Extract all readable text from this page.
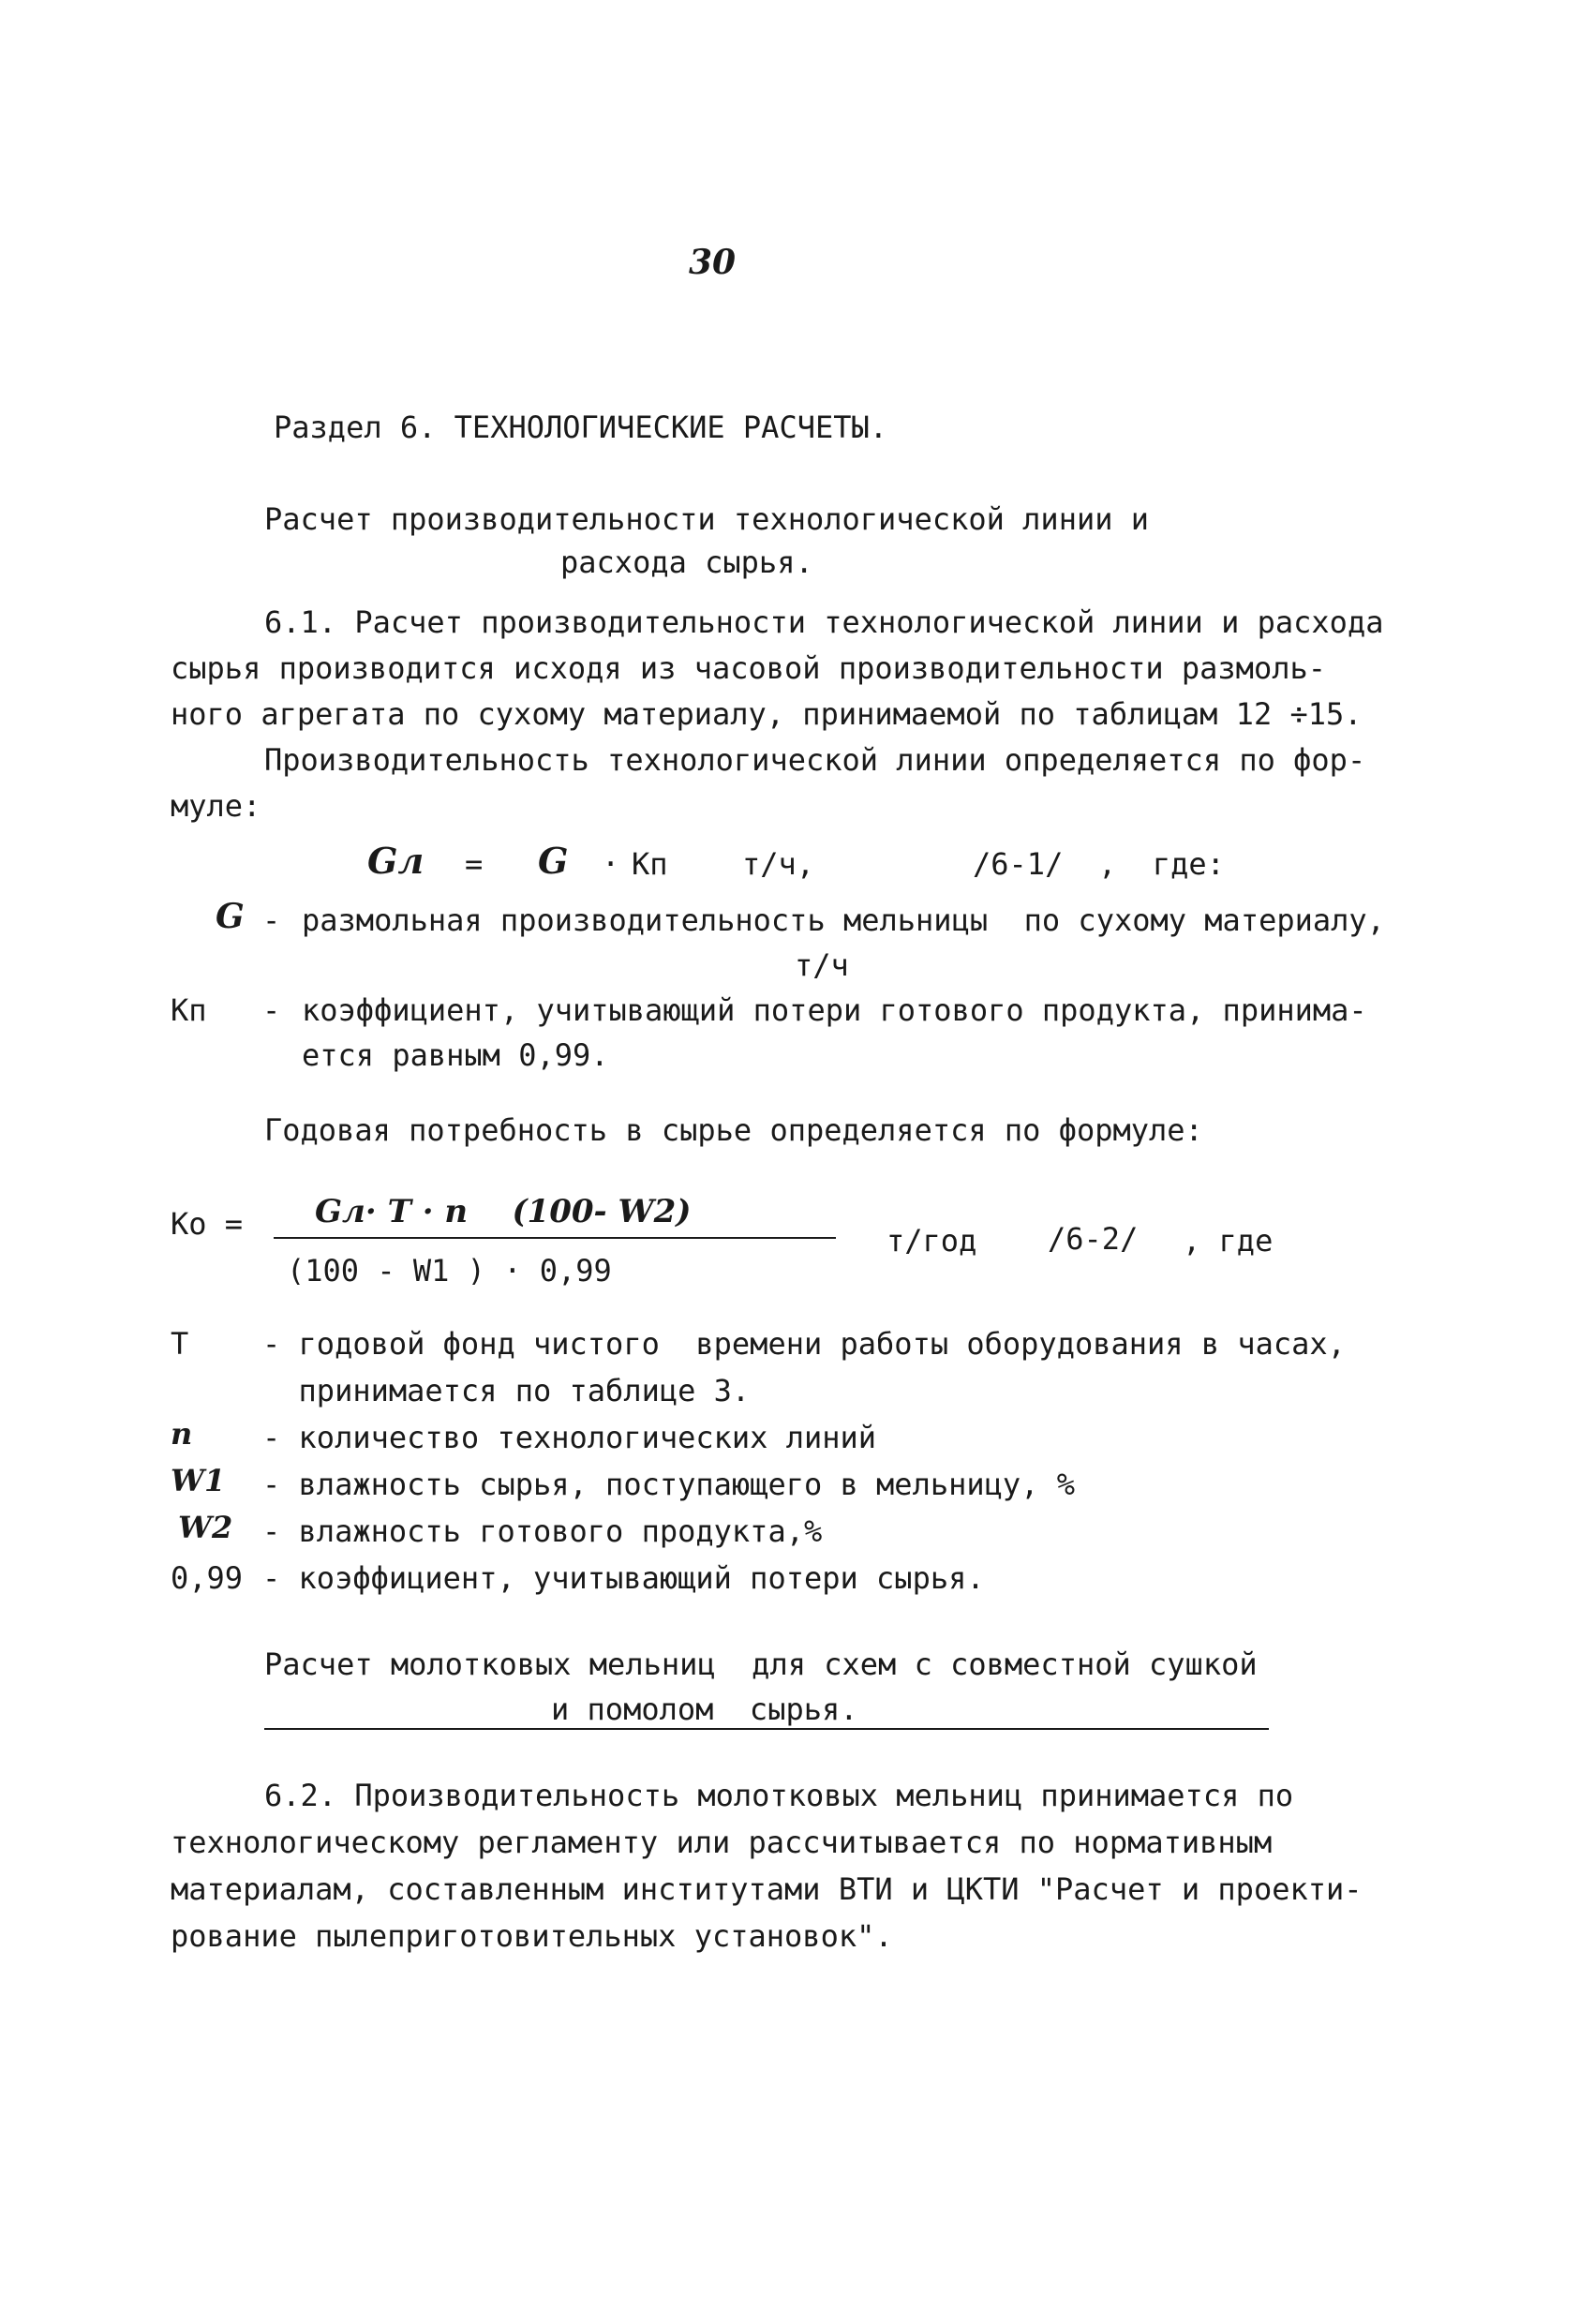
30
Раздел 6. ТЕХНОЛОГИЧЕСКИЕ РАСЧЕТЫ.
Расчет производительности технологической линии и
расхода сырья.
6.1. Расчет производительности технологической линии и расхода
сырья производится исходя из часовой производительности размоль-
ного агрегата по сухому материалу, принимаемой по таблицам 12 ÷15.
Производительность технологической линии определяется по фор-
муле:
Gл = G · Кп т/ч,	/6-1/ ,  где:
G - размольная производительность мельницы  по сухому материалу,
т/ч
Кп - коэффициент, учитывающий потери готового продукта, принима-
ется равным 0,99.
Годовая потребность в сырье определяется по формуле:
Ко = Gл· Т · n    (100- W2)
(100 - W1 ) · 0,99
т/год /6-2/ , где
Т - годовой фонд чистого  времени работы оборудования в часах,
принимается по таблице 3.
n - количество технологических линий
W1 - влажность сырья, поступающего в мельницу, %
W2 - влажность готового продукта,%
0,99 - коэффициент, учитывающий потери сырья.
Расчет молотковых мельниц  для схем с совместной сушкой
и помолом  сырья.
6.2. Производительность молотковых мельниц принимается по
технологическому регламенту или рассчитывается по нормативным
материалам, составленным институтами ВТИ и ЦКТИ "Расчет и проекти-
рование пылеприготовительных установок".
